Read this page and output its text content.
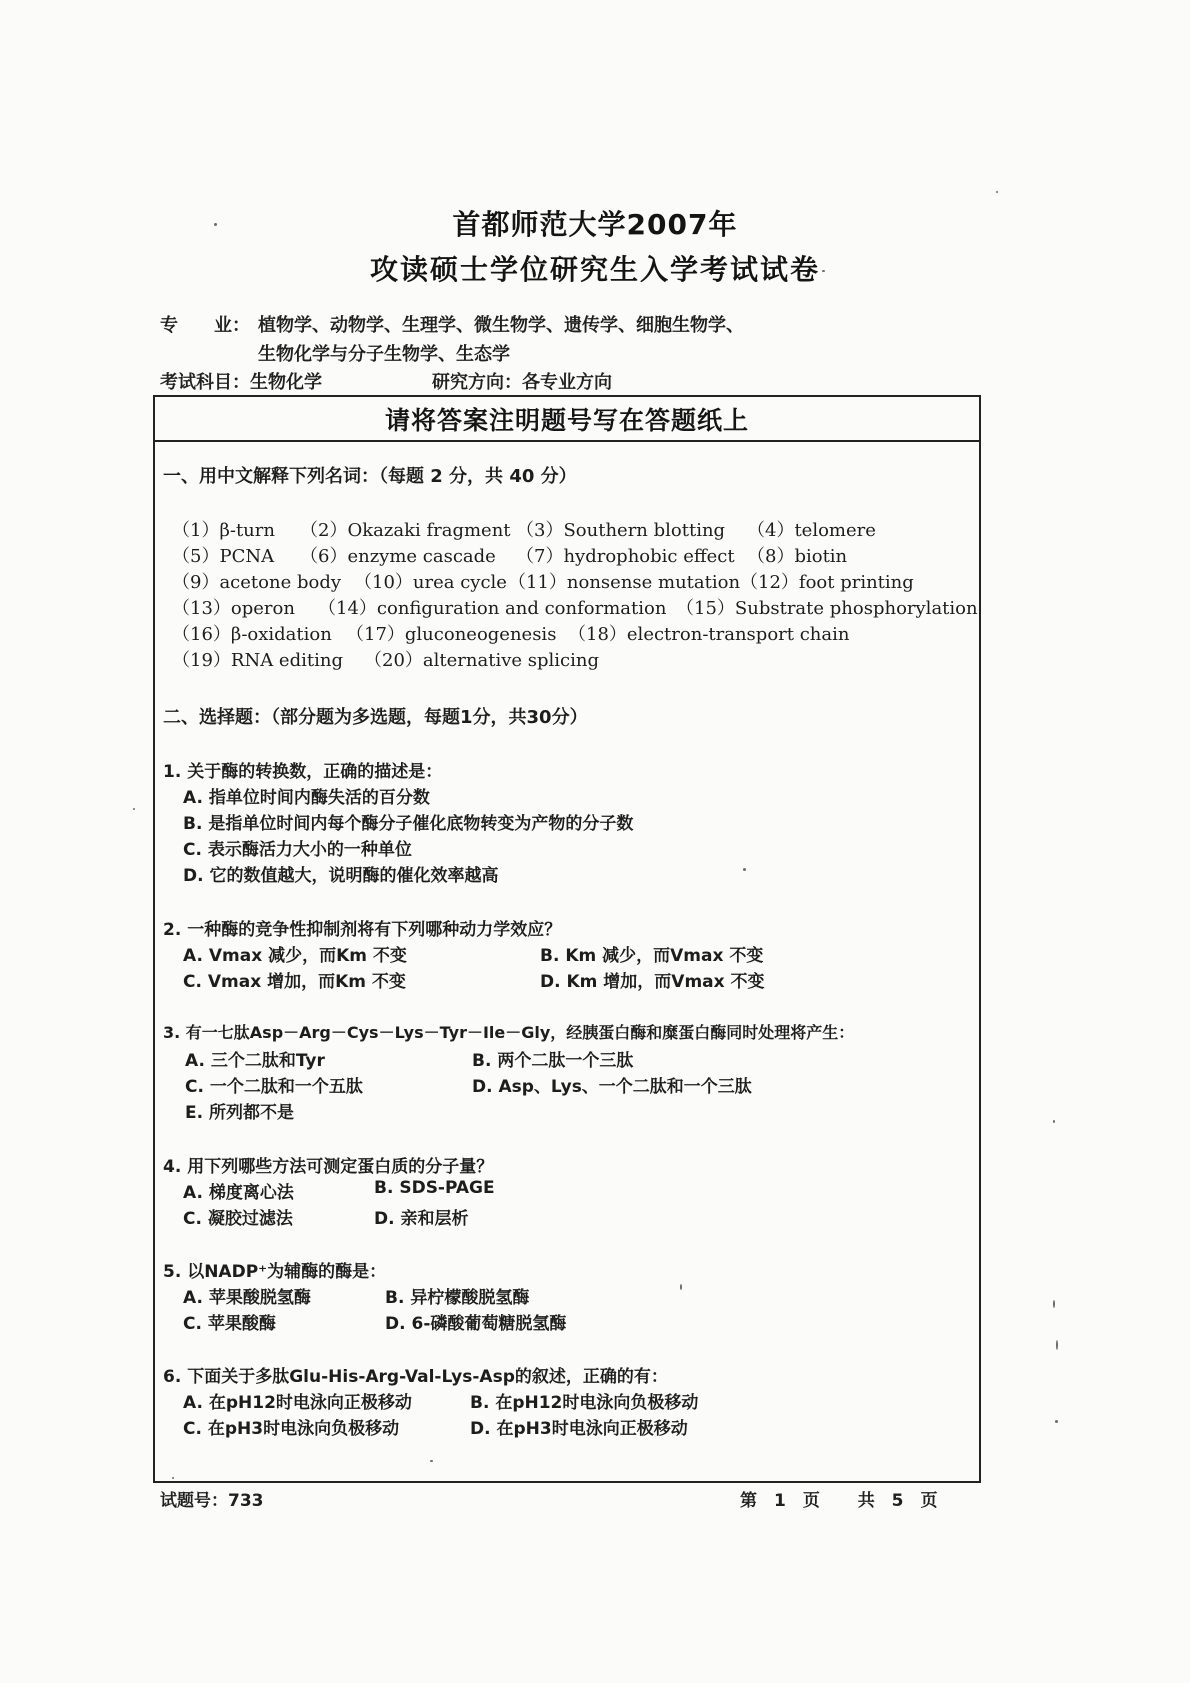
首都师范大学2007年
攻读硕士学位研究生入学考试试卷
专　　业： 植物学、动物学、生理学、微生物学、遗传学、细胞生物学、
生物化学与分子生物学、生态学
考试科目：生物化学	研究方向：各专业方向
请将答案注明题号写在答题纸上
一、用中文解释下列名词：（每题 2 分，共 40 分）
（1）β-turn （2）Okazaki fragment （3）Southern blotting （4）telomere
（5）PCNA （6）enzyme cascade （7）hydrophobic effect （8）biotin
（9）acetone body （10）urea cycle （11）nonsense mutation （12）foot printing
（13）operon （14）configuration and conformation （15）Substrate phosphorylation
（16）β-oxidation （17）gluconeogenesis （18）electron-transport chain
（19）RNA editing （20）alternative splicing
二、选择题：（部分题为多选题，每题1分，共30分）
1. 关于酶的转换数，正确的描述是：
A. 指单位时间内酶失活的百分数
B. 是指单位时间内每个酶分子催化底物转变为产物的分子数
C. 表示酶活力大小的一种单位
D. 它的数值越大，说明酶的催化效率越高
2. 一种酶的竞争性抑制剂将有下列哪种动力学效应？
A. Vmax 减少，而Km 不变	B. Km 减少，而Vmax 不变
C. Vmax 增加，而Km 不变	D. Km 增加，而Vmax 不变
3. 有一七肽Asp－Arg－Cys－Lys－Tyr－Ile－Gly，经胰蛋白酶和糜蛋白酶同时处理将产生：
A. 三个二肽和Tyr	B. 两个二肽一个三肽
C. 一个二肽和一个五肽	D. Asp、Lys、一个二肽和一个三肽
E. 所列都不是
4. 用下列哪些方法可测定蛋白质的分子量？
A. 梯度离心法	B. SDS-PAGE
C. 凝胶过滤法	D. 亲和层析
5. 以NADP⁺为辅酶的酶是：
A. 苹果酸脱氢酶	B. 异柠檬酸脱氢酶
C. 苹果酸酶	D. 6-磷酸葡萄糖脱氢酶
6. 下面关于多肽Glu-His-Arg-Val-Lys-Asp的叙述，正确的有：
A. 在pH12时电泳向正极移动	B. 在pH12时电泳向负极移动
C. 在pH3时电泳向负极移动	D. 在pH3时电泳向正极移动
试题号：733	第　1　页 共　5　页
